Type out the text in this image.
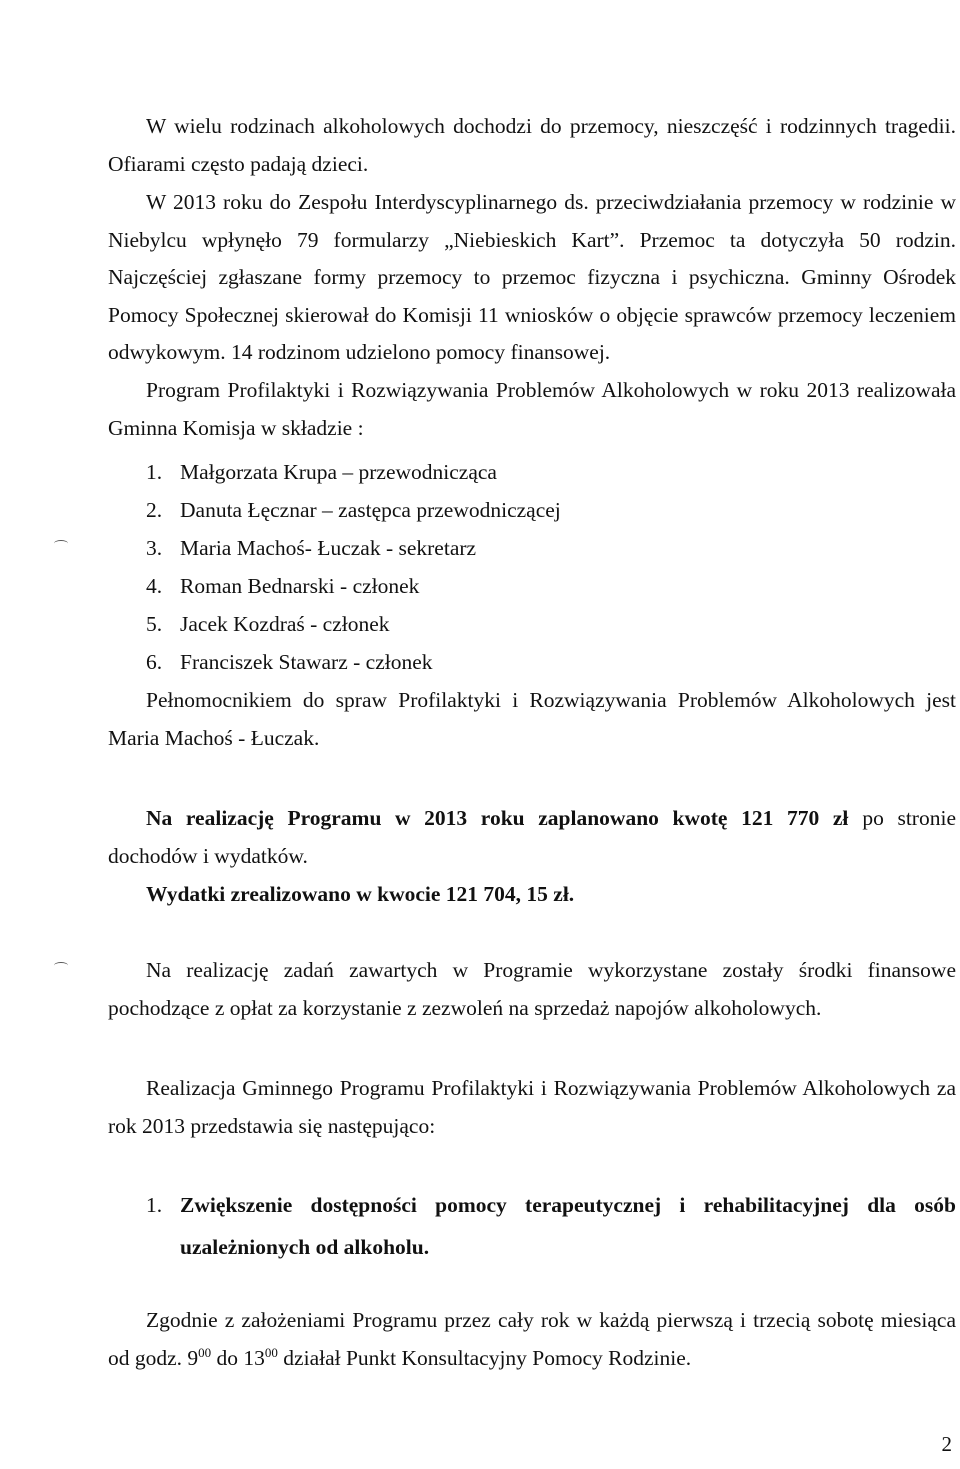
W wielu rodzinach alkoholowych dochodzi do przemocy, nieszczęść i rodzinnych tragedii. Ofiarami często padają dzieci.

W 2013 roku do Zespołu Interdyscyplinarnego ds. przeciwdziałania przemocy w rodzinie w Niebylcu wpłynęło 79 formularzy „Niebieskich Kart”. Przemoc ta dotyczyła 50 rodzin. Najczęściej zgłaszane formy przemocy to przemoc fizyczna i psychiczna. Gminny Ośrodek Pomocy Społecznej skierował do Komisji 11 wniosków o objęcie sprawców przemocy leczeniem odwykowym. 14 rodzinom udzielono pomocy finansowej.

Program Profilaktyki i Rozwiązywania Problemów Alkoholowych w roku 2013 realizowała Gminna Komisja w składzie :

1. Małgorzata Krupa – przewodnicząca
2. Danuta Łęcznar – zastępca przewodniczącej
3. Maria Machoś- Łuczak - sekretarz
4. Roman Bednarski - członek
5. Jacek Kozdraś - członek
6. Franciszek Stawarz - członek

Pełnomocnikiem do spraw Profilaktyki i Rozwiązywania Problemów Alkoholowych jest Maria Machoś - Łuczak.

Na realizację Programu w 2013 roku zaplanowano kwotę 121 770 zł po stronie dochodów i wydatków.

Wydatki zrealizowano w kwocie 121 704, 15 zł.

Na realizację zadań zawartych w Programie wykorzystane zostały środki finansowe pochodzące z opłat za korzystanie z zezwoleń na sprzedaż napojów alkoholowych.

Realizacja Gminnego Programu Profilaktyki i Rozwiązywania Problemów Alkoholowych za rok 2013 przedstawia się następująco:

1. Zwiększenie dostępności pomocy terapeutycznej i rehabilitacyjnej dla osób uzależnionych od alkoholu.

Zgodnie z założeniami Programu przez cały rok w każdą pierwszą i trzecią sobotę miesiąca od godz. $9^{00}$ do $13^{00}$ działał Punkt Konsultacyjny Pomocy Rodzinie.

2
